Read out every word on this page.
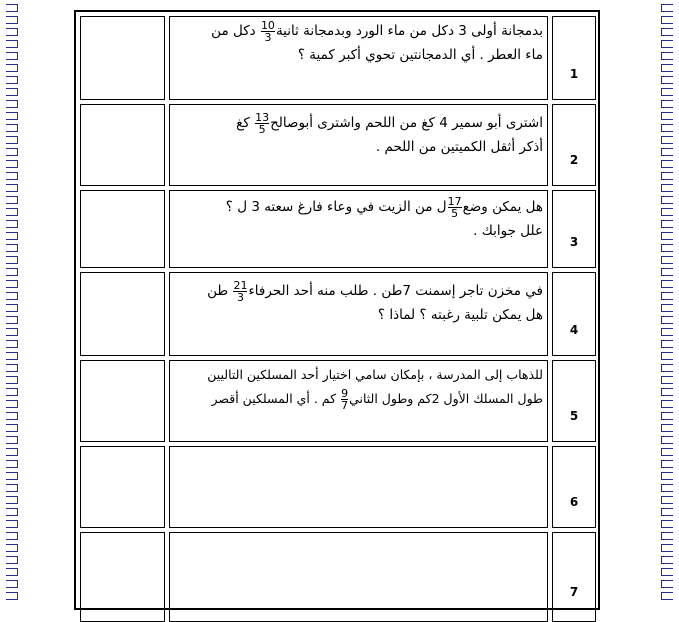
بدمجانة أولى 3 دكل من ماء الورد وبدمجانة ثانية
$\frac{10}{3}$
دكل من
ماء العطر . أي الدمجانتين تحوي أكبر كمية ؟
1
اشترى أبو سمير 4 كغ من اللحم واشترى أبوصالح
$\frac{13}{5}$
كغ
أذكر أثقل الكميتين من اللحم .
2
هل يمكن وضع
$\frac{17}{5}$
ل من الزيت في وعاء فارغ سعته 3 ل ؟
علل جوابك .
3
في مخزن تاجر إسمنت 7طن . طلب منه أحد الحرفاء
$\frac{21}{3}$
طن
هل يمكن تلبية رغبته ؟ لماذا ؟
4
للذهاب إلى المدرسة ، بإمكان سامي اختيار أحد المسلكين التاليين
طول المسلك الأول 2كم وطول الثاني
$\frac{9}{7}$
كم . أي المسلكين أقصر
5
6
7
